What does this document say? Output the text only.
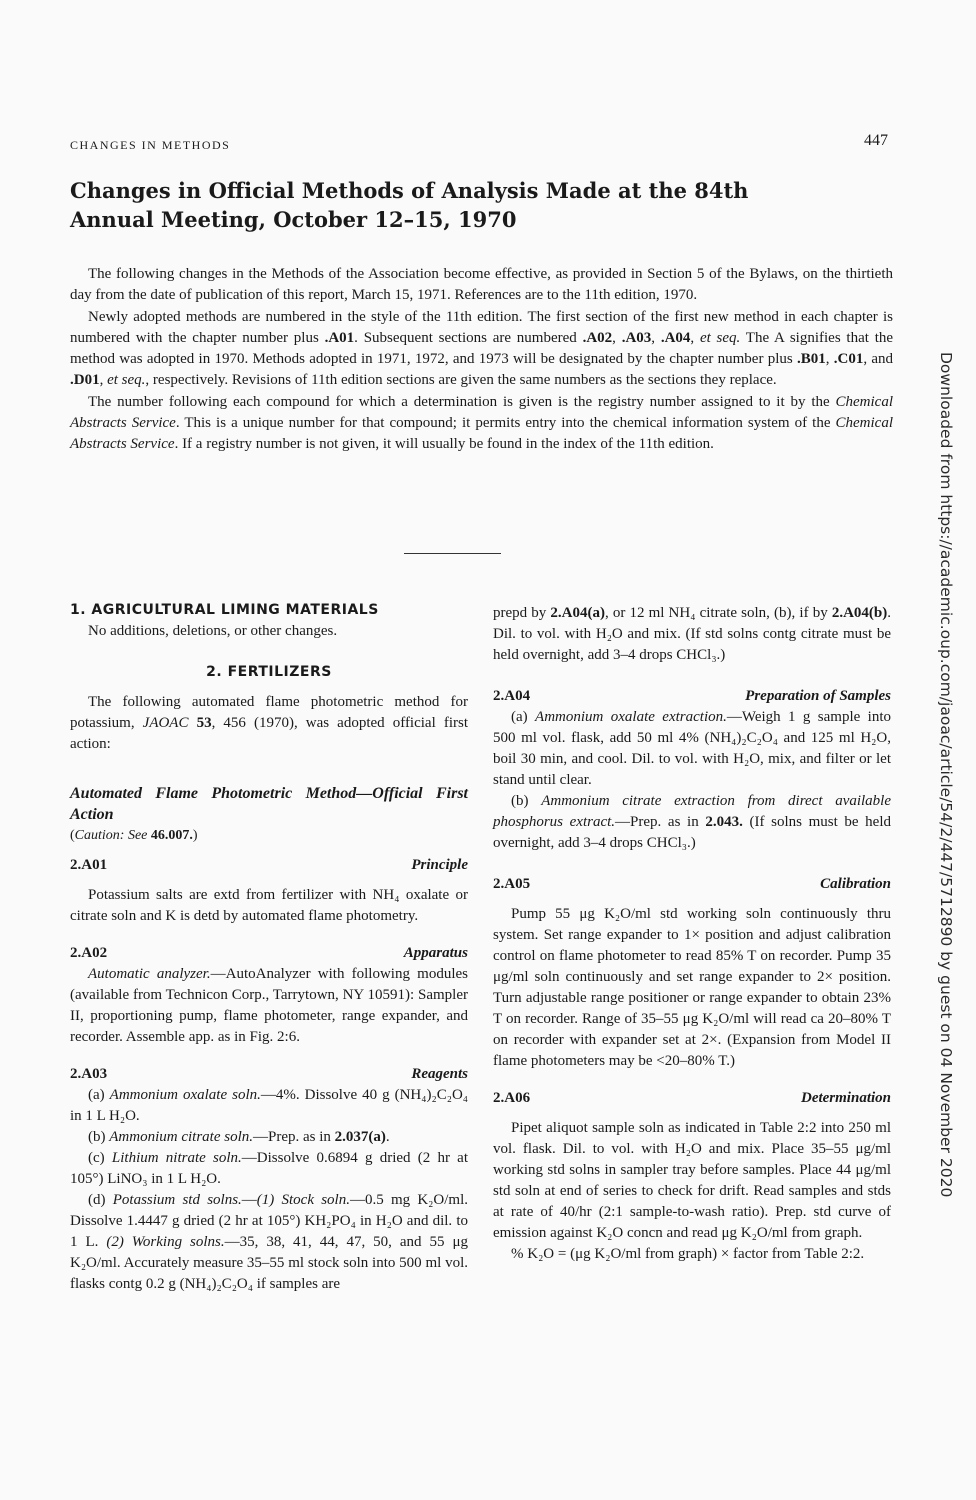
CHANGES IN METHODS	447
Changes in Official Methods of Analysis Made at the 84th Annual Meeting, October 12–15, 1970

The following changes in the Methods of the Association become effective, as provided in Section 5 of the Bylaws, on the thirtieth day from the date of publication of this report, March 15, 1971. References are to the 11th edition, 1970.

Newly adopted methods are numbered in the style of the 11th edition. The first section of the first new method in each chapter is numbered with the chapter number plus .A01. Subsequent sections are numbered .A02, .A03, .A04, et seq. The A signifies that the method was adopted in 1970. Methods adopted in 1971, 1972, and 1973 will be designated by the chapter number plus .B01, .C01, and .D01, et seq., respectively. Revisions of 11th edition sections are given the same numbers as the sections they replace.

The number following each compound for which a determination is given is the registry number assigned to it by the Chemical Abstracts Service. This is a unique number for that compound; it permits entry into the chemical information system of the Chemical Abstracts Service. If a registry number is not given, it will usually be found in the index of the 11th edition.

1. AGRICULTURAL LIMING MATERIALS

No additions, deletions, or other changes.

2. FERTILIZERS

The following automated flame photometric method for potassium, JAOAC 53, 456 (1970), was adopted official first action:

Automated Flame Photometric Method—Official First Action

(Caution: See 46.007.)

2.A01	Principle

Potassium salts are extd from fertilizer with NH₄ oxalate or citrate soln and K is detd by automated flame photometry.

2.A02	Apparatus

Automatic analyzer.—AutoAnalyzer with following modules (available from Technicon Corp., Tarrytown, NY 10591): Sampler II, proportioning pump, flame photometer, range expander, and recorder. Assemble app. as in Fig. 2:6.

2.A03	Reagents

(a) Ammonium oxalate soln.—4%. Dissolve 40 g (NH₄)₂C₂O₄ in 1 L H₂O.

(b) Ammonium citrate soln.—Prep. as in 2.037(a).

(c) Lithium nitrate soln.—Dissolve 0.6894 g dried (2 hr at 105°) LiNO₃ in 1 L H₂O.

(d) Potassium std solns.—(1) Stock soln.—0.5 mg K₂O/ml. Dissolve 1.4447 g dried (2 hr at 105°) KH₂PO₄ in H₂O and dil. to 1 L. (2) Working solns.—35, 38, 41, 44, 47, 50, and 55 μg K₂O/ml. Accurately measure 35–55 ml stock soln into 500 ml vol. flasks contg 0.2 g (NH₄)₂C₂O₄ if samples are

prepd by 2.A04(a), or 12 ml NH₄ citrate soln, (b), if by 2.A04(b). Dil. to vol. with H₂O and mix. (If std solns contg citrate must be held overnight, add 3–4 drops CHCl₃.)

2.A04	Preparation of Samples

(a) Ammonium oxalate extraction.—Weigh 1 g sample into 500 ml vol. flask, add 50 ml 4% (NH₄)₂C₂O₄ and 125 ml H₂O, boil 30 min, and cool. Dil. to vol. with H₂O, mix, and filter or let stand until clear.

(b) Ammonium citrate extraction from direct available phosphorus extract.—Prep. as in 2.043. (If solns must be held overnight, add 3–4 drops CHCl₃.)

2.A05	Calibration

Pump 55 μg K₂O/ml std working soln continuously thru system. Set range expander to 1× position and adjust calibration control on flame photometer to read 85% T on recorder. Pump 35 μg/ml soln continuously and set range expander to 2× position. Turn adjustable range positioner or range expander to obtain 23% T on recorder. Range of 35–55 μg K₂O/ml will read ca 20–80% T on recorder with expander set at 2×. (Expansion from Model II flame photometers may be <20–80% T.)

2.A06	Determination

Pipet aliquot sample soln as indicated in Table 2:2 into 250 ml vol. flask. Dil. to vol. with H₂O and mix. Place 35–55 μg/ml working std solns in sampler tray before samples. Place 44 μg/ml std soln at end of series to check for drift. Read samples and stds at rate of 40/hr (2:1 sample-to-wash ratio). Prep. std curve of emission against K₂O concn and read μg K₂O/ml from graph.

% K₂O = (μg K₂O/ml from graph) × factor from Table 2:2.

Downloaded from https://academic.oup.com/jaoac/article/54/2/447/5712890 by guest on 04 November 2020
